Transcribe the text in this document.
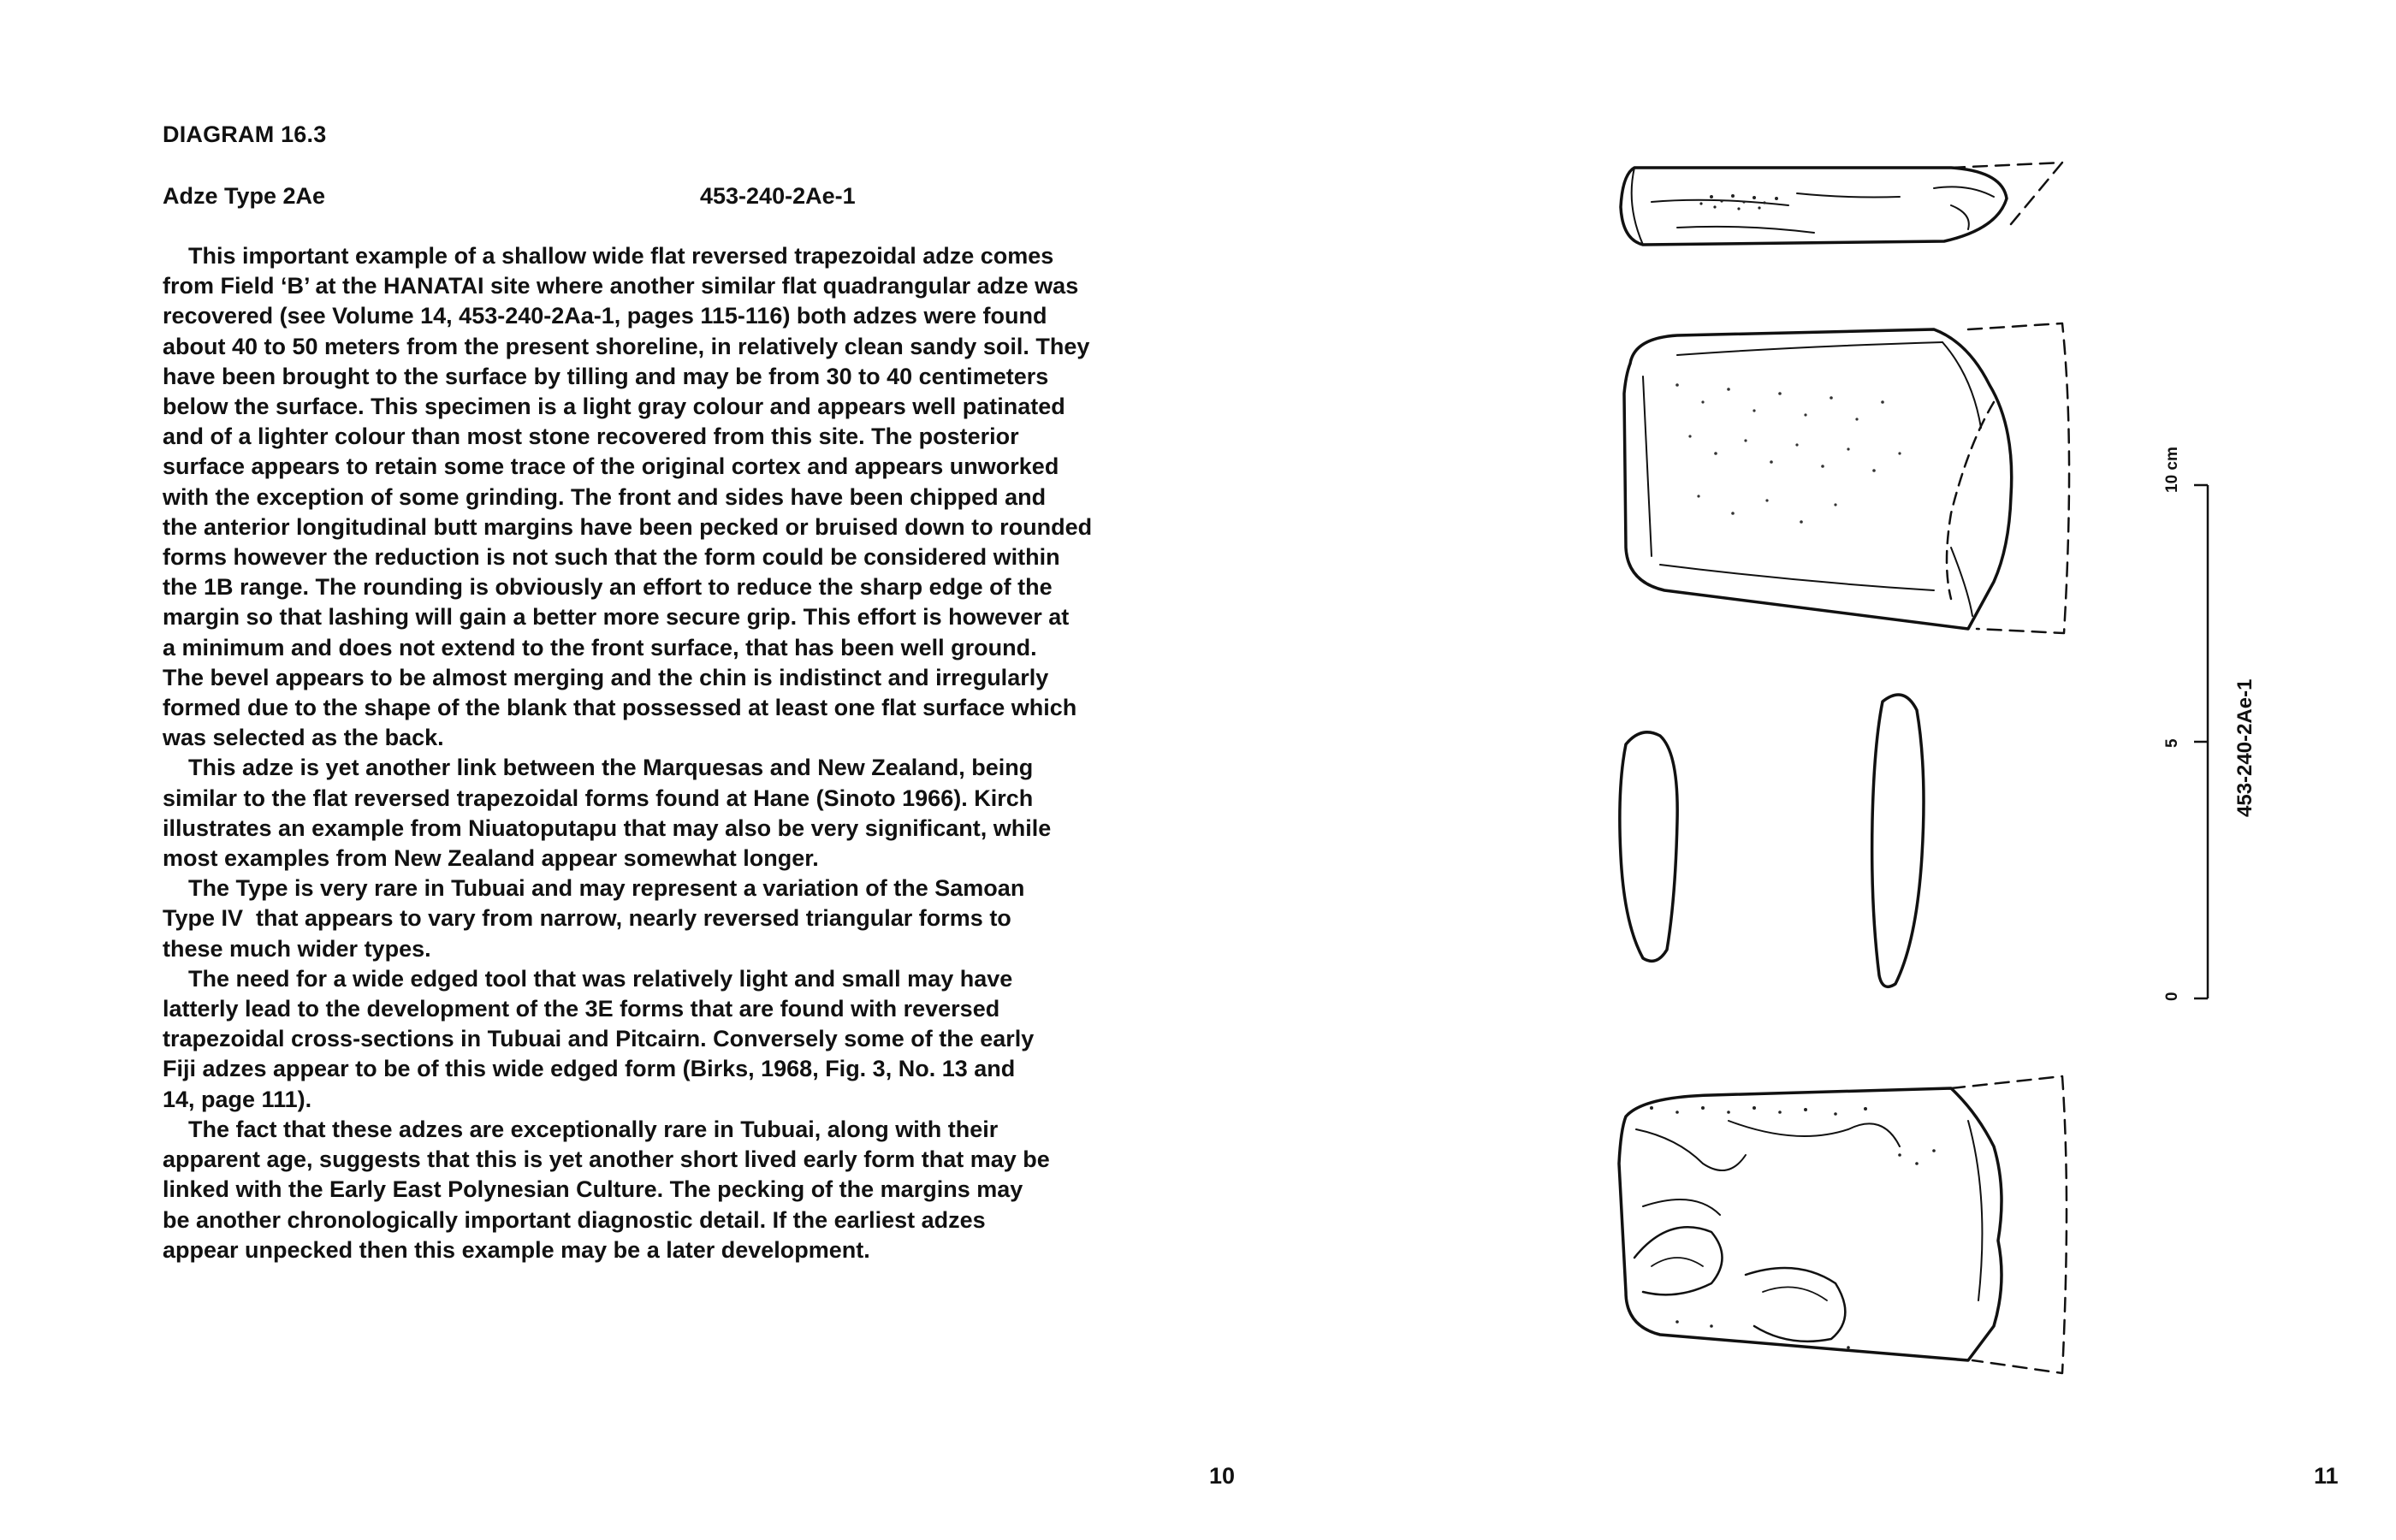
DIAGRAM 16.3
Adze Type 2Ae	453-240-2Ae-1
This important example of a shallow wide flat reversed trapezoidal adze comes
from Field ‘B’ at the HANATAI site where another similar flat quadrangular adze was
recovered (see Volume 14, 453-240-2Aa-1, pages 115-116) both adzes were found
about 40 to 50 meters from the present shoreline, in relatively clean sandy soil. They
have been brought to the surface by tilling and may be from 30 to 40 centimeters
below the surface. This specimen is a light gray colour and appears well patinated
and of a lighter colour than most stone recovered from this site. The posterior
surface appears to retain some trace of the original cortex and appears unworked
with the exception of some grinding. The front and sides have been chipped and
the anterior longitudinal butt margins have been pecked or bruised down to rounded
forms however the reduction is not such that the form could be considered within
the 1B range. The rounding is obviously an effort to reduce the sharp edge of the
margin so that lashing will gain a better more secure grip. This effort is however at
a minimum and does not extend to the front surface, that has been well ground.
The bevel appears to be almost merging and the chin is indistinct and irregularly
formed due to the shape of the blank that possessed at least one flat surface which
was selected as the back.
This adze is yet another link between the Marquesas and New Zealand, being
similar to the flat reversed trapezoidal forms found at Hane (Sinoto 1966). Kirch
illustrates an example from Niuatoputapu that may also be very significant, while
most examples from New Zealand appear somewhat longer.
The Type is very rare in Tubuai and may represent a variation of the Samoan
Type IV  that appears to vary from narrow, nearly reversed triangular forms to
these much wider types.
The need for a wide edged tool that was relatively light and small may have
latterly lead to the development of the 3E forms that are found with reversed
trapezoidal cross-sections in Tubuai and Pitcairn. Conversely some of the early
Fiji adzes appear to be of this wide edged form (Birks, 1968, Fig. 3, No. 13 and
14, page 111).
The fact that these adzes are exceptionally rare in Tubuai, along with their
apparent age, suggests that this is yet another short lived early form that may be
linked with the Early East Polynesian Culture. The pecking of the margins may
be another chronologically important diagnostic detail. If the earliest adzes
appear unpecked then this example may be a later development.
10
10 cm
5
0
453-240-2Ae-1
11
